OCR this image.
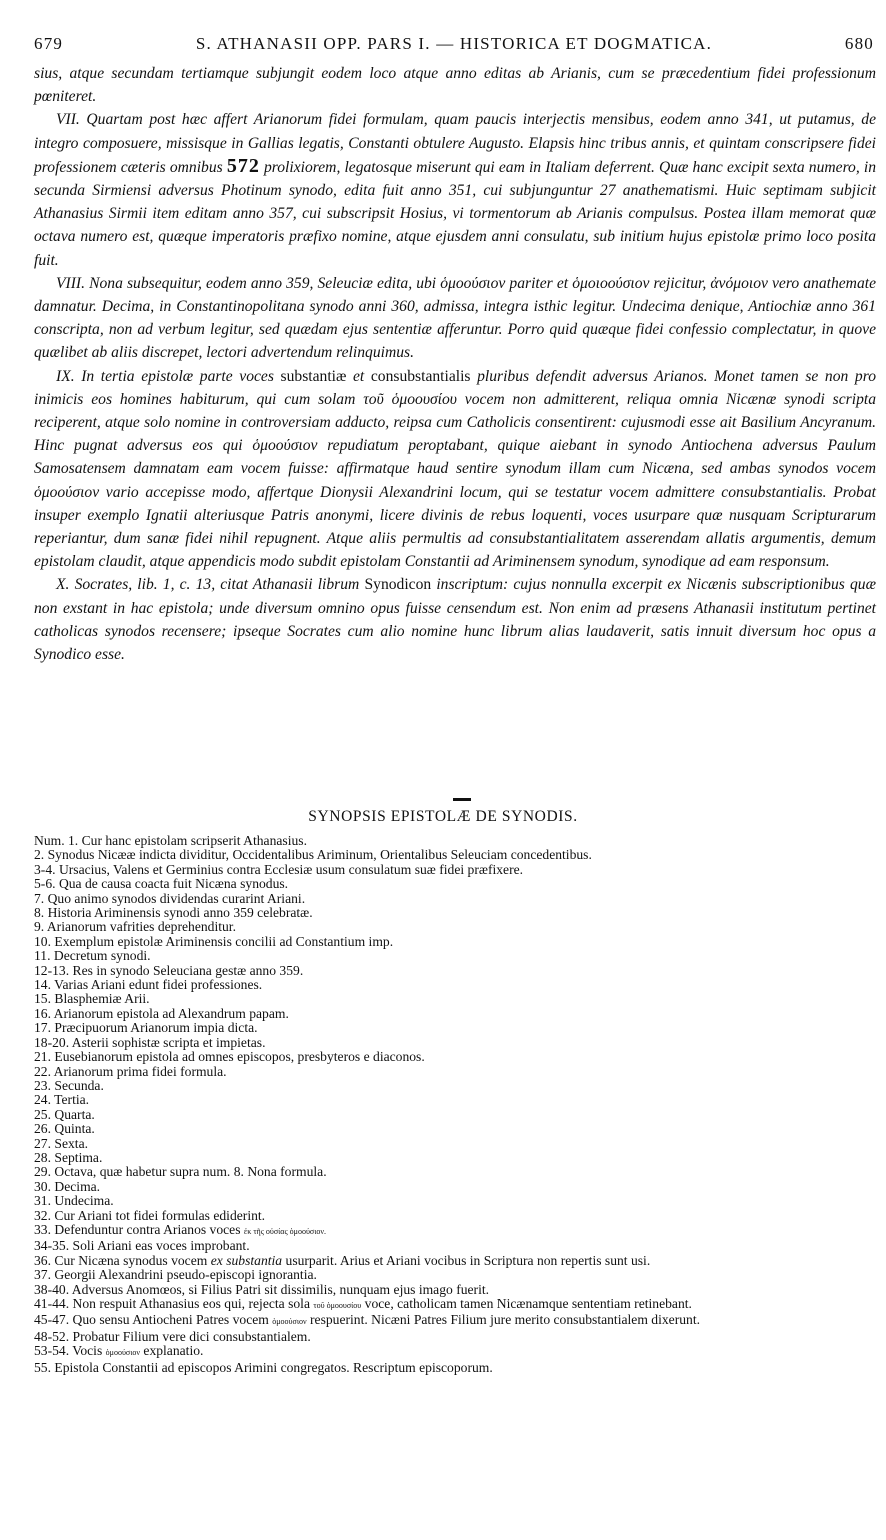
679	S. ATHANASII OPP. PARS I. — HISTORICA ET DOGMATICA.	680

sius, atque secundam tertiamque subjungit eodem loco atque anno editas ab Arianis, cum se præcedentium fidei professionum pœniteret.

VII. Quartam post hæc affert Arianorum fidei formulam, quam paucis interjectis mensibus, eodem anno 341, ut putamus, de integro composuere, missisque in Gallias legatis, Constanti obtulere Augusto. Elapsis hinc tribus annis, et quintam conscripsere fidei professionem cæteris omnibus 572 prolixiorem, legatosque miserunt qui eam in Italiam deferrent. Quæ hanc excipit sexta numero, in secunda Sirmiensi adversus Photinum synodo, edita fuit anno 351, cui subjunguntur 27 anathematismi. Huic septimam subjicit Athanasius Sirmii item editam anno 357, cui subscripsit Hosius, vi tormentorum ab Arianis compulsus. Postea illam memorat quæ octava numero est, quæque imperatoris præfixo nomine, atque ejusdem anni consulatu, sub initium hujus epistolæ primo loco posita fuit.

VIII. Nona subsequitur, eodem anno 359, Seleuciæ edita, ubi ὁμοούσιον pariter et ὁμοιοούσιον rejicitur, ἀνόμοιον vero anathemate damnatur. Decima, in Constantinopolitana synodo anni 360, admissa, integra isthic legitur. Undecima denique, Antiochiæ anno 361 conscripta, non ad verbum legitur, sed quædam ejus sententiæ afferuntur. Porro quid quæque fidei confessio complectatur, in quove quælibet ab aliis discrepet, lectori advertendum relinquimus.

IX. In tertia epistolæ parte voces substantiæ et consubstantialis pluribus defendit adversus Arianos. Monet tamen se non pro inimicis eos homines habiturum, qui cum solam τοῦ ὁμοουσίου vocem non admitterent, reliqua omnia Nicænæ synodi scripta reciperent, atque solo nomine in controversiam adducto, reipsa cum Catholicis consentirent: cujusmodi esse ait Basilium Ancyranum. Hinc pugnat adversus eos qui ὁμοούσιον repudiatum peroptabant, quique aiebant in synodo Antiochena adversus Paulum Samosatensem damnatam eam vocem fuisse: affirmatque haud sentire synodum illam cum Nicæna, sed ambas synodos vocem ὁμοούσιον vario accepisse modo, affertque Dionysii Alexandrini locum, qui se testatur vocem admittere consubstantialis. Probat insuper exemplo Ignatii alteriusque Patris anonymi, licere divinis de rebus loquenti, voces usurpare quæ nusquam Scripturarum reperiantur, dum sanæ fidei nihil repugnent. Atque aliis permultis ad consubstantialitatem asserendam allatis argumentis, demum epistolam claudit, atque appendicis modo subdit epistolam Constantii ad Ariminensem synodum, synodique ad eam responsum.

X. Socrates, lib. 1, c. 13, citat Athanasii librum Synodicon inscriptum: cujus nonnulla excerpit ex Nicænis subscriptionibus quæ non exstant in hac epistola; unde diversum omnino opus fuisse censendum est. Non enim ad præsens Athanasii institutum pertinet catholicas synodos recensere; ipseque Socrates cum alio nomine hunc librum alias laudaverit, satis innuit diversum hoc opus a Synodico esse.

SYNOPSIS EPISTOLÆ DE SYNODIS.

Num. 1. Cur hanc epistolam scripserit Athanasius.

2. Synodus Nicææ indicta dividitur, Occidentalibus Ariminum, Orientalibus Seleuciam concedentibus.

3-4. Ursacius, Valens et Germinius contra Ecclesiæ usum consulatum suæ fidei præfixere.

5-6. Qua de causa coacta fuit Nicæna synodus.

7. Quo animo synodos dividendas curarint Ariani.

8. Historia Ariminensis synodi anno 359 celebratæ.

9. Arianorum vafrities deprehenditur.

10. Exemplum epistolæ Ariminensis concilii ad Constantium imp.

11. Decretum synodi.

12-13. Res in synodo Seleuciana gestæ anno 359.

14. Varias Ariani edunt fidei professiones.

15. Blasphemiæ Arii.

16. Arianorum epistola ad Alexandrum papam.

17. Præcipuorum Arianorum impia dicta.

18-20. Asterii sophistæ scripta et impietas.

21. Eusebianorum epistola ad omnes episcopos, presbyteros e diaconos.

22. Arianorum prima fidei formula.

23. Secunda.

24. Tertia.

25. Quarta.

26. Quinta.

27. Sexta.

28. Septima.

29. Octava, quæ habetur supra num. 8. Nona formula.

30. Decima.

31. Undecima.

32. Cur Ariani tot fidei formulas ediderint.

33. Defenduntur contra Arianos voces ἐκ τῆς οὐσίας ὁμοούσιον.

34-35. Soli Ariani eas voces improbant.

36. Cur Nicæna synodus vocem ex substantia usurparit. Arius et Ariani vocibus in Scriptura non repertis sunt usi.

37. Georgii Alexandrini pseudo-episcopi ignorantia.

38-40. Adversus Anomœos, si Filius Patri sit dissimilis, nunquam ejus imago fuerit.

41-44. Non respuit Athanasius eos qui, rejecta sola τοῦ ὁμοουσίου voce, catholicam tamen Nicænamque sententiam retinebant.

45-47. Quo sensu Antiocheni Patres vocem ὁμοούσιον respuerint. Nicæni Patres Filium jure merito consubstantialem dixerunt.

48-52. Probatur Filium vere dici consubstantialem.

53-54. Vocis ὁμοούσιον explanatio.

55. Epistola Constantii ad episcopos Arimini congregatos. Rescriptum episcoporum.
